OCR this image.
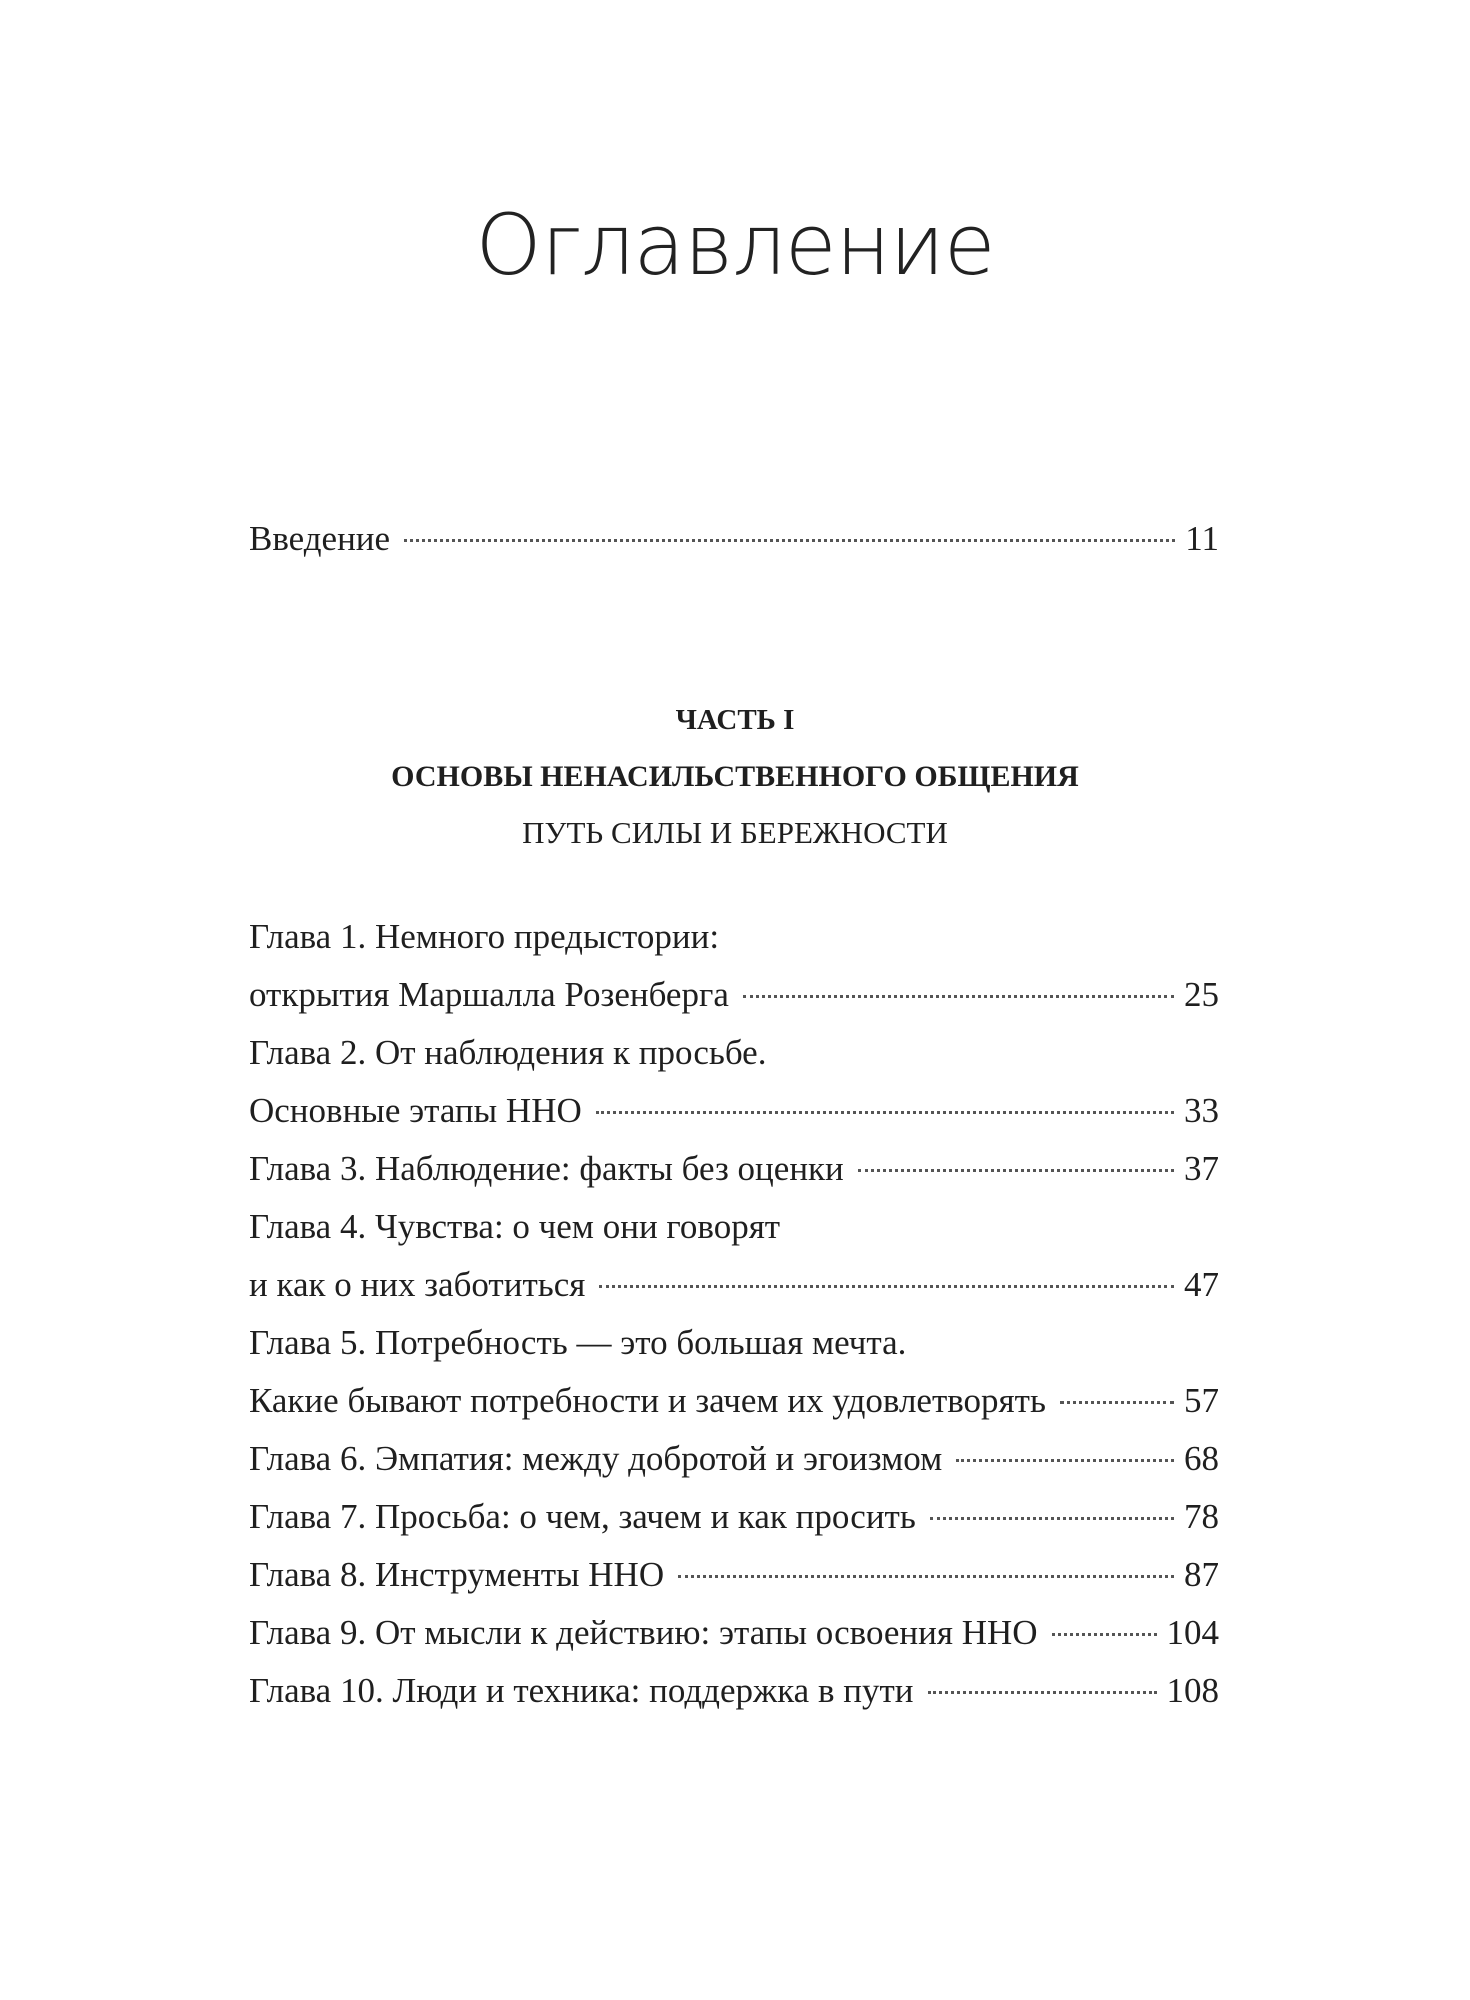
Оглавление
Введение	11
ЧАСТЬ I
ОСНОВЫ НЕНАСИЛЬСТВЕННОГО ОБЩЕНИЯ
ПУТЬ СИЛЫ И БЕРЕЖНОСТИ
Глава 1. Немного предыстории:
открытия Маршалла Розенберга	25
Глава 2. От наблюдения к просьбе.
Основные этапы ННО	33
Глава 3. Наблюдение: факты без оценки	37
Глава 4. Чувства: о чем они говорят
и как о них заботиться	47
Глава 5. Потребность — это большая мечта.
Какие бывают потребности и зачем их удовлетворять	57
Глава 6. Эмпатия: между добротой и эгоизмом	68
Глава 7. Просьба: о чем, зачем и как просить	78
Глава 8. Инструменты ННО	87
Глава 9. От мысли к действию: этапы освоения ННО	104
Глава 10. Люди и техника: поддержка в пути	108
